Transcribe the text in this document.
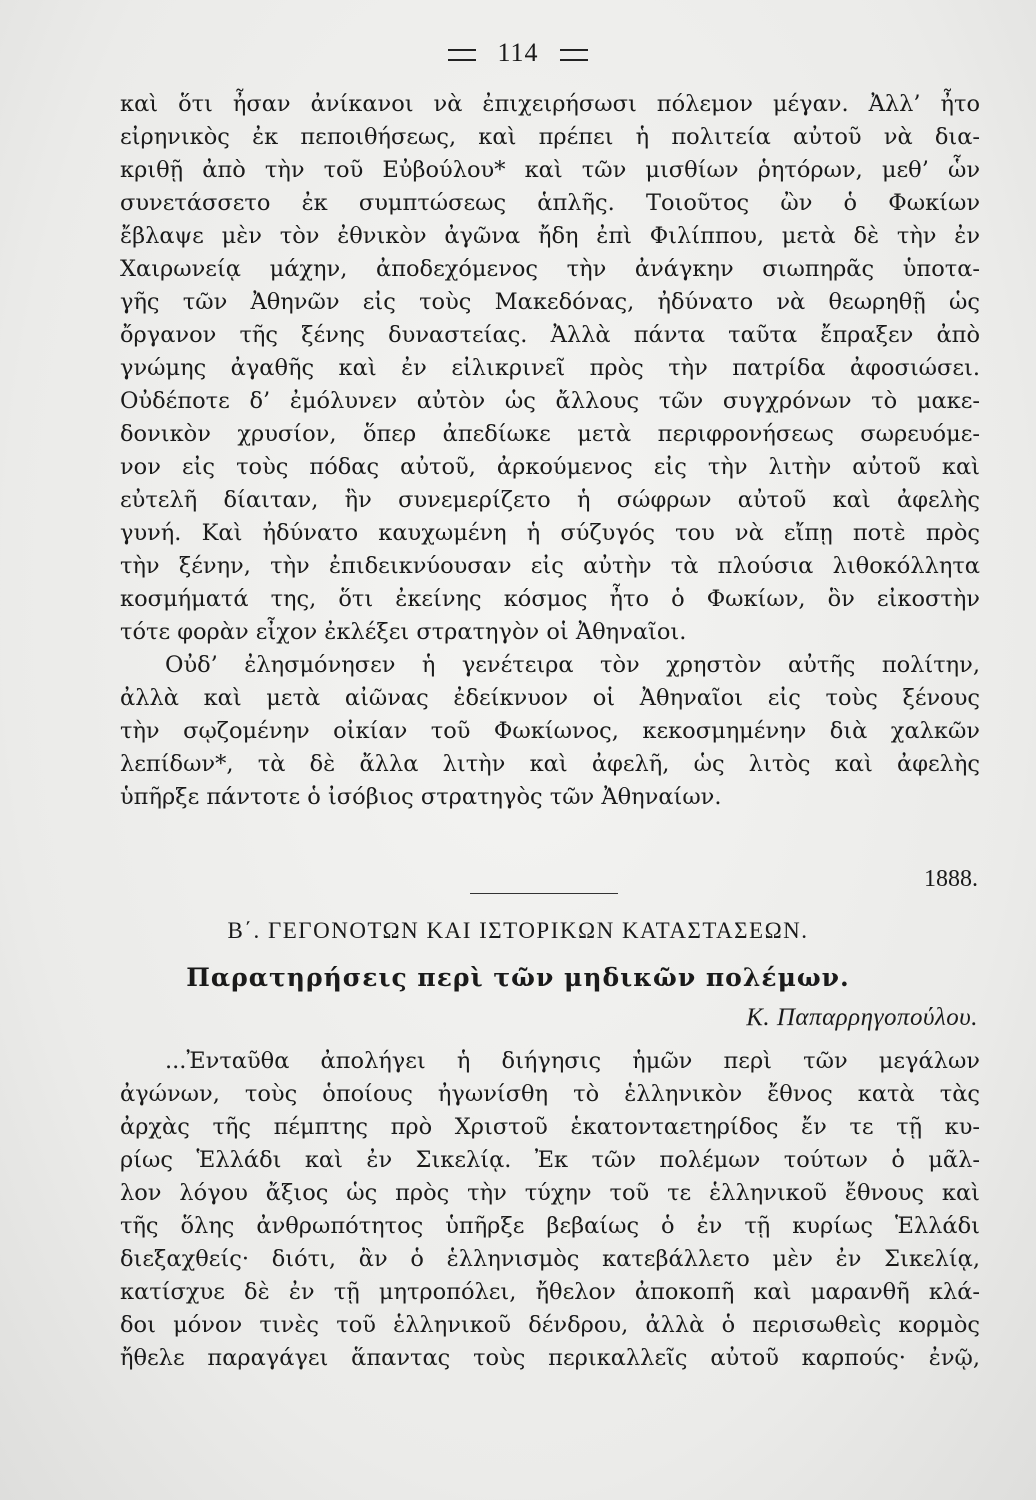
114
καὶ ὅτι ἦσαν ἀνίκανοι νὰ ἐπιχειρήσωσι πόλεμον μέγαν. Ἀλλ’ ἦτο
εἰρηνικὸς ἐκ πεποιθήσεως, καὶ πρέπει ἡ πολιτεία αὐτοῦ νὰ δια-
κριθῇ ἀπὸ τὴν τοῦ Εὐβούλου* καὶ τῶν μισθίων ῥητόρων, μεθ’ ὧν
συνετάσσετο ἐκ συμπτώσεως ἁπλῆς. Τοιοῦτος ὢν ὁ Φωκίων
ἔβλαψε μὲν τὸν ἐθνικὸν ἀγῶνα ἤδη ἐπὶ Φιλίππου, μετὰ δὲ τὴν ἐν
Χαιρωνείᾳ μάχην, ἀποδεχόμενος τὴν ἀνάγκην σιωπηρᾶς ὑποτα-
γῆς τῶν Ἀθηνῶν εἰς τοὺς Μακεδόνας, ἠδύνατο νὰ θεωρηθῇ ὡς
ὄργανον τῆς ξένης δυναστείας. Ἀλλὰ πάντα ταῦτα ἔπραξεν ἀπὸ
γνώμης ἀγαθῆς καὶ ἐν εἰλικρινεῖ πρὸς τὴν πατρίδα ἀφοσιώσει.
Οὐδέποτε δ’ ἐμόλυνεν αὐτὸν ὡς ἄλλους τῶν συγχρόνων τὸ μακε-
δονικὸν χρυσίον, ὅπερ ἀπεδίωκε μετὰ περιφρονήσεως σωρευόμε-
νον εἰς τοὺς πόδας αὐτοῦ, ἀρκούμενος εἰς τὴν λιτὴν αὐτοῦ καὶ
εὐτελῆ δίαιταν, ἣν συνεμερίζετο ἡ σώφρων αὐτοῦ καὶ ἀφελὴς
γυνή. Καὶ ἠδύνατο καυχωμένη ἡ σύζυγός του νὰ εἴπῃ ποτὲ πρὸς
τὴν ξένην, τὴν ἐπιδεικνύουσαν εἰς αὐτὴν τὰ πλούσια λιθοκόλλητα
κοσμήματά της, ὅτι ἐκείνης κόσμος ἦτο ὁ Φωκίων, ὃν εἰκοστὴν
τότε φορὰν εἶχον ἐκλέξει στρατηγὸν οἱ Ἀθηναῖοι.
Οὐδ’ ἐλησμόνησεν ἡ γενέτειρα τὸν χρηστὸν αὐτῆς πολίτην,
ἀλλὰ καὶ μετὰ αἰῶνας ἐδείκνυον οἱ Ἀθηναῖοι εἰς τοὺς ξένους
τὴν σῳζομένην οἰκίαν τοῦ Φωκίωνος, κεκοσμημένην διὰ χαλκῶν
λεπίδων*, τὰ δὲ ἄλλα λιτὴν καὶ ἀφελῆ, ὡς λιτὸς καὶ ἀφελὴς
ὑπῆρξε πάντοτε ὁ ἰσόβιος στρατηγὸς τῶν Ἀθηναίων.
1888.
Β΄. ΓΕΓΟΝΟΤΩΝ ΚΑΙ ΙΣΤΟΡΙΚΩΝ ΚΑΤΑΣΤΑΣΕΩΝ.
Παρατηρήσεις περὶ τῶν μηδικῶν πολέμων.
Κ. Παπαρρηγοπούλου.
...Ἐνταῦθα ἀπολήγει ἡ διήγησις ἡμῶν περὶ τῶν μεγάλων
ἀγώνων, τοὺς ὁποίους ἠγωνίσθη τὸ ἑλληνικὸν ἔθνος κατὰ τὰς
ἀρχὰς τῆς πέμπτης πρὸ Χριστοῦ ἑκατονταετηρίδος ἔν τε τῇ κυ-
ρίως Ἑλλάδι καὶ ἐν Σικελίᾳ. Ἐκ τῶν πολέμων τούτων ὁ μᾶλ-
λον λόγου ἄξιος ὡς πρὸς τὴν τύχην τοῦ τε ἑλληνικοῦ ἔθνους καὶ
τῆς ὅλης ἀνθρωπότητος ὑπῆρξε βεβαίως ὁ ἐν τῇ κυρίως Ἑλλάδι
διεξαχθείς· διότι, ἂν ὁ ἑλληνισμὸς κατεβάλλετο μὲν ἐν Σικελίᾳ,
κατίσχυε δὲ ἐν τῇ μητροπόλει, ἤθελον ἀποκοπῆ καὶ μαρανθῆ κλά-
δοι μόνον τινὲς τοῦ ἑλληνικοῦ δένδρου, ἀλλὰ ὁ περισωθεὶς κορμὸς
ἤθελε παραγάγει ἅπαντας τοὺς περικαλλεῖς αὐτοῦ καρπούς· ἐνῷ,
